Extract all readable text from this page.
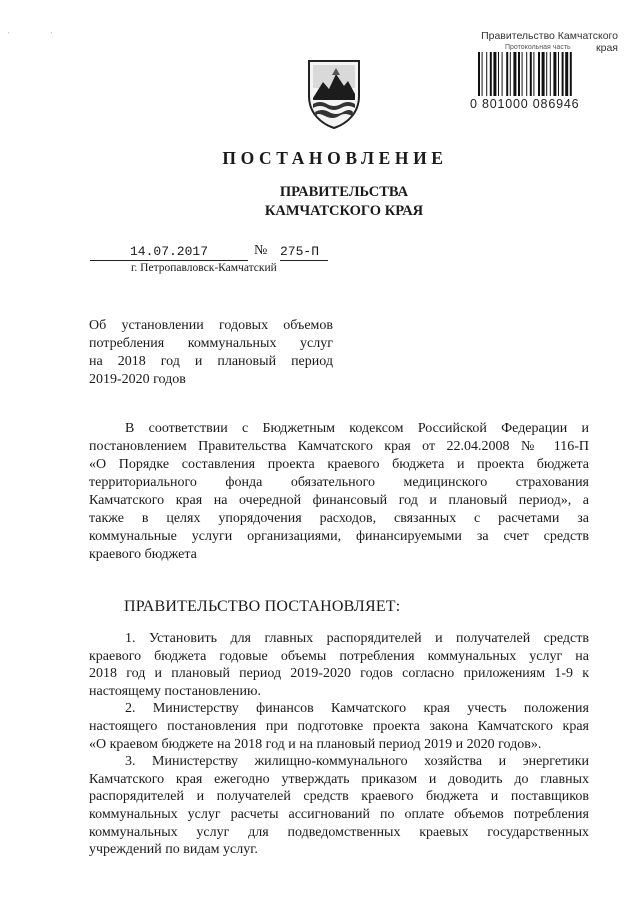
' '	Правительство Камчатского края
Протокольная часть
0 801000 086946
ПОСТАНОВЛЕНИЕ
ПРАВИТЕЛЬСТВА
КАМЧАТСКОГО КРАЯ
14.07.2017	№ 275-П
г. Петропавловск-Камчатский
Об установлении годовых объемов
потребления коммунальных услуг
на 2018 год и плановый период
2019-2020 годов
В соответствии с Бюджетным кодексом Российской Федерации и
постановлением Правительства Камчатского края от 22.04.2008 № 116-П
«О Порядке составления проекта краевого бюджета и проекта бюджета
территориального фонда обязательного медицинского страхования
Камчатского края на очередной финансовый год и плановый период», а
также в целях упорядочения расходов, связанных с расчетами за
коммунальные услуги организациями, финансируемыми за счет средств
краевого бюджета
ПРАВИТЕЛЬСТВО ПОСТАНОВЛЯЕТ:
1. Установить для главных распорядителей и получателей средств
краевого бюджета годовые объемы потребления коммунальных услуг на
2018 год и плановый период 2019-2020 годов согласно приложениям 1-9 к
настоящему постановлению.
2. Министерству финансов Камчатского края учесть положения
настоящего постановления при подготовке проекта закона Камчатского края
«О краевом бюджете на 2018 год и на плановый период 2019 и 2020 годов».
3. Министерству жилищно-коммунального хозяйства и энергетики
Камчатского края ежегодно утверждать приказом и доводить до главных
распорядителей и получателей средств краевого бюджета и поставщиков
коммунальных услуг расчеты ассигнований по оплате объемов потребления
коммунальных услуг для подведомственных краевых государственных
учреждений по видам услуг.
